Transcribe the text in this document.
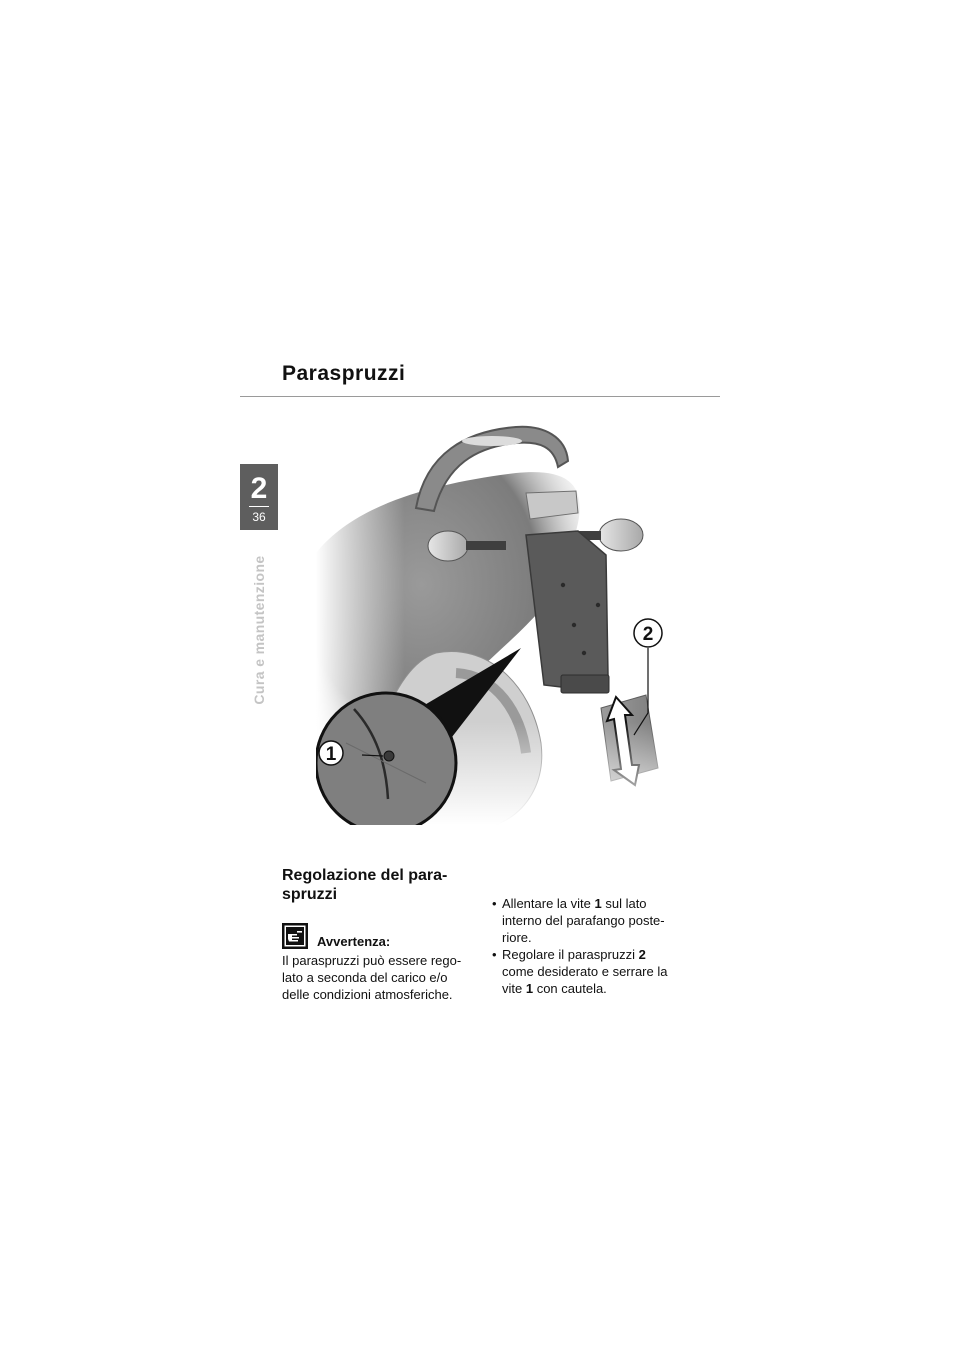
Paraspruzzi
2
36
Cura e manutenzione
1
2
Regolazione del para-
spruzzi
Avvertenza:

Il paraspruzzi può essere rego-
lato a seconda del carico e/o
delle condizioni atmosferiche.

• Allentare la vite 1 sul lato
interno del parafango poste-
riore.
• Regolare il paraspruzzi 2
come desiderato e serrare la
vite 1 con cautela.
